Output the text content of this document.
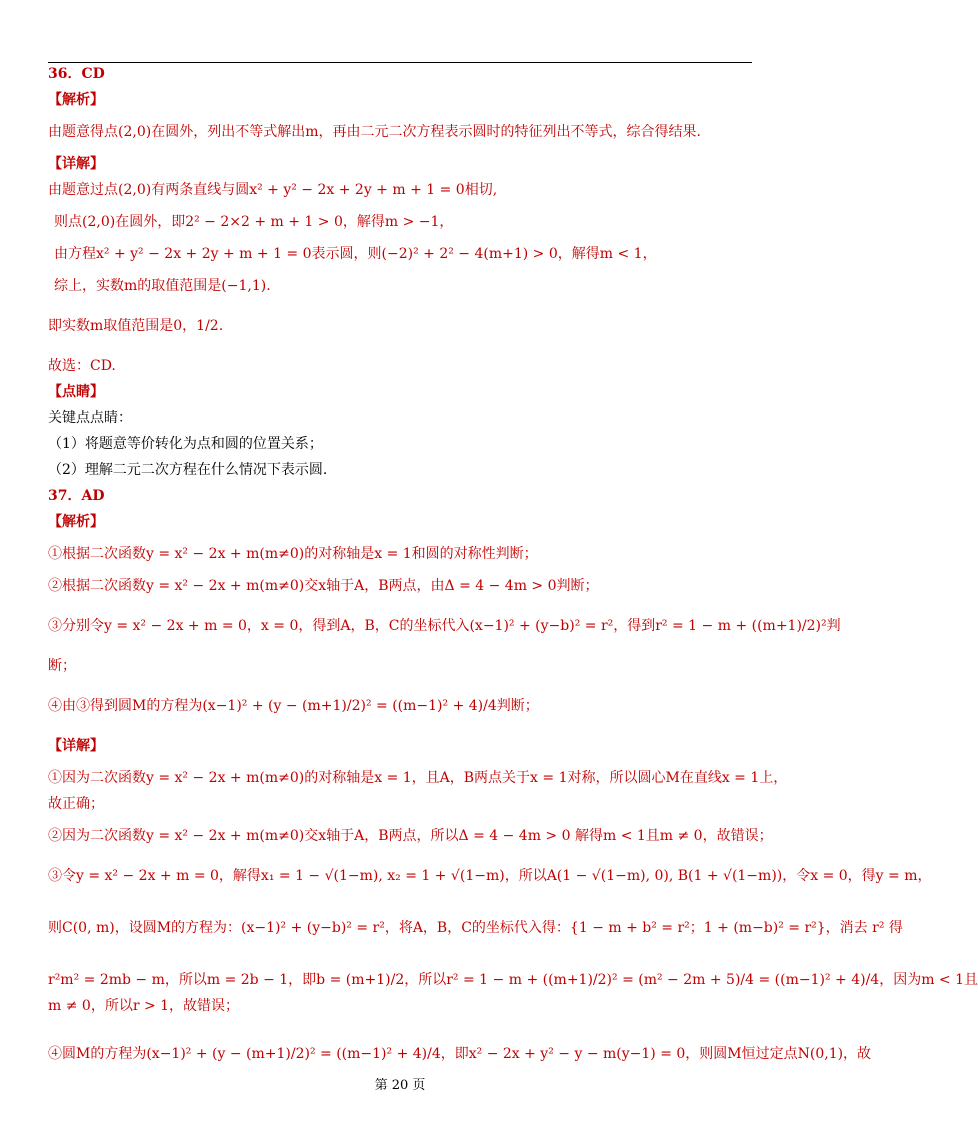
36．CD
【解析】
由题意得点(2,0)在圆外，列出不等式解出m，再由二元二次方程表示圆时的特征列出不等式，综合得结果.
【详解】
由题意过点(2,0)有两条直线与圆x² + y² − 2x + 2y + m + 1 = 0相切,
则点(2,0)在圆外，即2² − 2×2 + m + 1 > 0，解得m > −1，
由方程x² + y² − 2x + 2y + m + 1 = 0表示圆，则(−2)² + 2² − 4(m+1) > 0，解得m < 1，
综上，实数m的取值范围是(−1,1).
即实数m取值范围是0，1/2.
故选：CD.
【点睛】
关键点点睛：
（1）将题意等价转化为点和圆的位置关系；
（2）理解二元二次方程在什么情况下表示圆.
37．AD
【解析】
①根据二次函数y = x² − 2x + m(m≠0)的对称轴是x = 1和圆的对称性判断；
②根据二次函数y = x² − 2x + m(m≠0)交x轴于A，B两点，由Δ = 4 − 4m > 0判断；
③分别令y = x² − 2x + m = 0，x = 0，得到A，B，C的坐标代入(x−1)² + (y−b)² = r²，得到r² = 1 − m + ((m+1)/2)²判
断；
④由③得到圆M的方程为(x−1)² + (y − (m+1)/2)² = ((m−1)² + 4)/4判断；
【详解】
①因为二次函数y = x² − 2x + m(m≠0)的对称轴是x = 1，且A，B两点关于x = 1对称，所以圆心M在直线x = 1上，
故正确；
②因为二次函数y = x² − 2x + m(m≠0)交x轴于A，B两点，所以Δ = 4 − 4m > 0 解得m < 1且m ≠ 0，故错误；
③令y = x² − 2x + m = 0，解得x₁ = 1 − √(1−m), x₂ = 1 + √(1−m)，所以A(1 − √(1−m), 0), B(1 + √(1−m))，令x = 0，得y = m，
则C(0, m)，设圆M的方程为：(x−1)² + (y−b)² = r²，将A，B，C的坐标代入得：{1 − m + b² = r²；1 + (m−b)² = r²}，消去 r² 得
r²m² = 2mb − m，所以m = 2b − 1，即b = (m+1)/2，所以r² = 1 − m + ((m+1)/2)² = (m² − 2m + 5)/4 = ((m−1)² + 4)/4，因为m < 1且
m ≠ 0，所以r > 1，故错误；
④圆M的方程为(x−1)² + (y − (m+1)/2)² = ((m−1)² + 4)/4，即x² − 2x + y² − y − m(y−1) = 0，则圆M恒过定点N(0,1)，故
第 20 页
